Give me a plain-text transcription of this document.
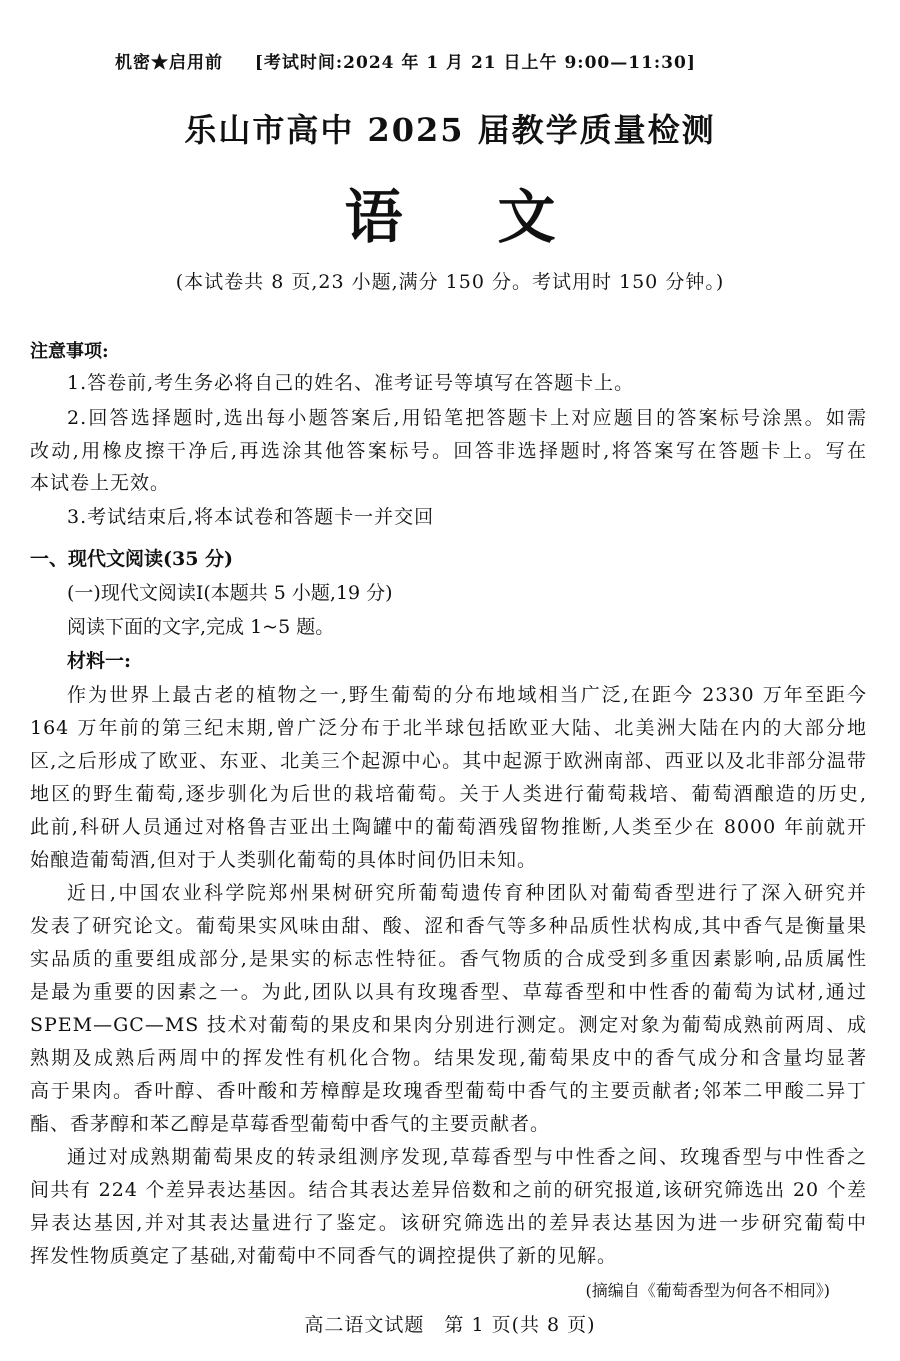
机密★启用前 [考试时间:2024 年 1 月 21 日上午 9:00—11:30]
乐山市高中 2025 届教学质量检测
语 文
(本试卷共 8 页,23 小题,满分 150 分。考试用时 150 分钟。)
注意事项:
1.答卷前,考生务必将自己的姓名、准考证号等填写在答题卡上。
2.回答选择题时,选出每小题答案后,用铅笔把答题卡上对应题目的答案标号涂黑。如需
改动,用橡皮擦干净后,再选涂其他答案标号。回答非选择题时,将答案写在答题卡上。写在
本试卷上无效。
3.考试结束后,将本试卷和答题卡一并交回
一、现代文阅读(35 分)
(一)现代文阅读Ⅰ(本题共 5 小题,19 分)
阅读下面的文字,完成 1~5 题。
材料一:
作为世界上最古老的植物之一,野生葡萄的分布地域相当广泛,在距今 2330 万年至距今
164 万年前的第三纪末期,曾广泛分布于北半球包括欧亚大陆、北美洲大陆在内的大部分地
区,之后形成了欧亚、东亚、北美三个起源中心。其中起源于欧洲南部、西亚以及北非部分温带
地区的野生葡萄,逐步驯化为后世的栽培葡萄。关于人类进行葡萄栽培、葡萄酒酿造的历史,
此前,科研人员通过对格鲁吉亚出土陶罐中的葡萄酒残留物推断,人类至少在 8000 年前就开
始酿造葡萄酒,但对于人类驯化葡萄的具体时间仍旧未知。
近日,中国农业科学院郑州果树研究所葡萄遗传育种团队对葡萄香型进行了深入研究并
发表了研究论文。葡萄果实风味由甜、酸、涩和香气等多种品质性状构成,其中香气是衡量果
实品质的重要组成部分,是果实的标志性特征。香气物质的合成受到多重因素影响,品质属性
是最为重要的因素之一。为此,团队以具有玫瑰香型、草莓香型和中性香的葡萄为试材,通过
SPEM—GC—MS 技术对葡萄的果皮和果肉分别进行测定。测定对象为葡萄成熟前两周、成
熟期及成熟后两周中的挥发性有机化合物。结果发现,葡萄果皮中的香气成分和含量均显著
高于果肉。香叶醇、香叶酸和芳樟醇是玫瑰香型葡萄中香气的主要贡献者;邻苯二甲酸二异丁
酯、香茅醇和苯乙醇是草莓香型葡萄中香气的主要贡献者。
通过对成熟期葡萄果皮的转录组测序发现,草莓香型与中性香之间、玫瑰香型与中性香之
间共有 224 个差异表达基因。结合其表达差异倍数和之前的研究报道,该研究筛选出 20 个差
异表达基因,并对其表达量进行了鉴定。该研究筛选出的差异表达基因为进一步研究葡萄中
挥发性物质奠定了基础,对葡萄中不同香气的调控提供了新的见解。
(摘编自《葡萄香型为何各不相同》)
高二语文试题　第 1 页(共 8 页)
